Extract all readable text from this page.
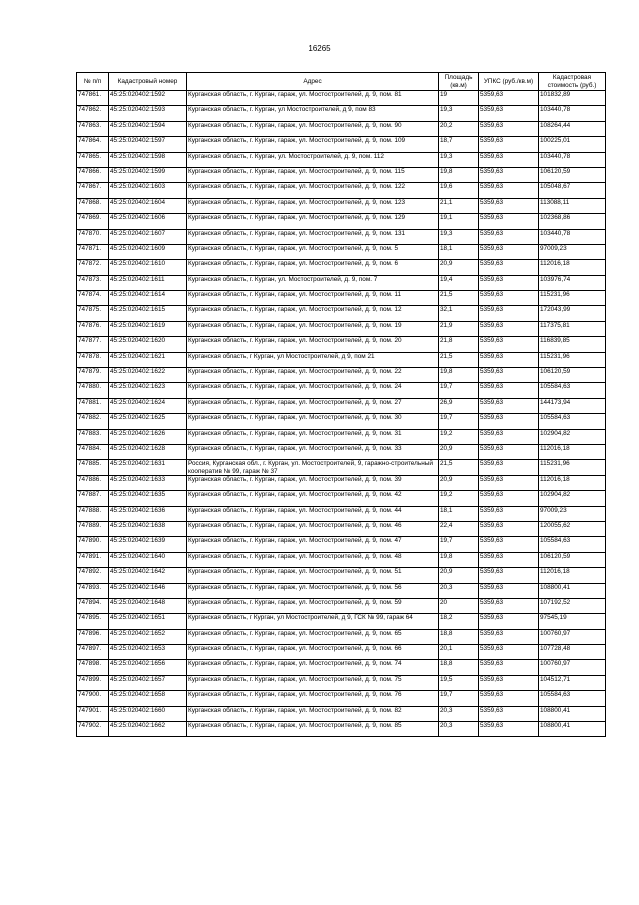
16265
№ п/п	Кадастровый номер	Адрес	Площадь (кв.м)	УПКС (руб./кв.м)	Кадастровая стоимость (руб.)
747861.	45:25:020402:1592	Курганская область, г. Курган, гараж, ул. Мостостроителей, д. 9, пом. 81	19	5359,63	101832,89
747862.	45:25:020402:1593	Курганская область, г. Курган, ул Мостостроителей, д 9, пом 83	19,3	5359,63	103440,78
747863.	45:25:020402:1594	Курганская область, г. Курган, гараж, ул. Мостостроителей, д. 9, пом. 90	20,2	5359,63	108264,44
747864.	45:25:020402:1597	Курганская область, г. Курган, гараж, ул. Мостостроителей, д. 9, пом. 109	18,7	5359,63	100225,01
747865.	45:25:020402:1598	Курганская область, г. Курган, ул. Мостостроителей, д. 9, пом. 112	19,3	5359,63	103440,78
747866.	45:25:020402:1599	Курганская область, г. Курган, гараж, ул. Мостостроителей, д. 9, пом. 115	19,8	5359,63	106120,59
747867.	45:25:020402:1603	Курганская область, г. Курган, гараж, ул. Мостостроителей, д. 9, пом. 122	19,6	5359,63	105048,67
747868.	45:25:020402:1604	Курганская область, г. Курган, гараж, ул. Мостостроителей, д. 9, пом. 123	21,1	5359,63	113088,11
747869.	45:25:020402:1606	Курганская область, г. Курган, гараж, ул. Мостостроителей, д. 9, пом. 129	19,1	5359,63	102368,86
747870.	45:25:020402:1607	Курганская область, г. Курган, гараж, ул. Мостостроителей, д. 9, пом. 131	19,3	5359,63	103440,78
747871.	45:25:020402:1609	Курганская область, г. Курган, гараж, ул. Мостостроителей, д. 9, пом. 5	18,1	5359,63	97009,23
747872.	45:25:020402:1610	Курганская область, г. Курган, гараж, ул. Мостостроителей, д. 9, пом. 6	20,9	5359,63	112016,18
747873.	45:25:020402:1611	Курганская область, г. Курган, ул. Мостостроителей, д. 9, пом. 7	19,4	5359,63	103976,74
747874.	45:25:020402:1614	Курганская область, г. Курган, гараж, ул. Мостостроителей, д. 9, пом. 11	21,5	5359,63	115231,96
747875.	45:25:020402:1615	Курганская область, г. Курган, гараж, ул. Мостостроителей, д. 9, пом. 12	32,1	5359,63	172043,99
747876.	45:25:020402:1619	Курганская область, г. Курган, гараж, ул. Мостостроителей, д. 9, пом. 19	21,9	5359,63	117375,81
747877.	45:25:020402:1620	Курганская область, г. Курган, гараж, ул. Мостостроителей, д. 9, пом. 20	21,8	5359,63	116839,85
747878.	45:25:020402:1621	Курганская область, г Курган, ул Мостостроителей, д 9, пом 21	21,5	5359,63	115231,96
747879.	45:25:020402:1622	Курганская область, г. Курган, гараж, ул. Мостостроителей, д. 9, пом. 22	19,8	5359,63	106120,59
747880.	45:25:020402:1623	Курганская область, г. Курган, гараж, ул. Мостостроителей, д. 9, пом. 24	19,7	5359,63	105584,63
747881.	45:25:020402:1624	Курганская область, г. Курган, гараж, ул. Мостостроителей, д. 9, пом. 27	26,9	5359,63	144173,94
747882.	45:25:020402:1625	Курганская область, г. Курган, гараж, ул. Мостостроителей, д. 9, пом. 30	19,7	5359,63	105584,63
747883.	45:25:020402:1626	Курганская область, г. Курган, гараж, ул. Мостостроителей, д. 9, пом. 31	19,2	5359,63	102904,82
747884.	45:25:020402:1628	Курганская область, г. Курган, гараж, ул. Мостостроителей, д. 9, пом. 33	20,9	5359,63	112016,18
747885.	45:25:020402:1631	Россия, Курганская обл., г. Курган, ул. Мостостроителей, 9, гаражно-строительный кооператив № 99, гараж № 37	21,5	5359,63	115231,96
747886.	45:25:020402:1633	Курганская область, г. Курган, гараж, ул. Мостостроителей, д. 9, пом. 39	20,9	5359,63	112016,18
747887.	45:25:020402:1635	Курганская область, г. Курган, гараж, ул. Мостостроителей, д. 9, пом. 42	19,2	5359,63	102904,82
747888.	45:25:020402:1636	Курганская область, г. Курган, гараж, ул. Мостостроителей, д. 9, пом. 44	18,1	5359,63	97009,23
747889.	45:25:020402:1638	Курганская область, г. Курган, гараж, ул. Мостостроителей, д. 9, пом. 46	22,4	5359,63	120055,62
747890.	45:25:020402:1639	Курганская область, г. Курган, гараж, ул. Мостостроителей, д. 9, пом. 47	19,7	5359,63	105584,63
747891.	45:25:020402:1640	Курганская область, г. Курган, гараж, ул. Мостостроителей, д. 9, пом. 48	19,8	5359,63	106120,59
747892.	45:25:020402:1642	Курганская область, г. Курган, гараж, ул. Мостостроителей, д. 9, пом. 51	20,9	5359,63	112016,18
747893.	45:25:020402:1646	Курганская область, г. Курган, гараж, ул. Мостостроителей, д. 9, пом. 56	20,3	5359,63	108800,41
747894.	45:25:020402:1648	Курганская область, г. Курган, гараж, ул. Мостостроителей, д. 9, пом. 59	20	5359,63	107192,52
747895.	45:25:020402:1651	Курганская область, г Курган, ул Мостостроителей, д 9, ГСК № 99, гараж 64	18,2	5359,63	97545,19
747896.	45:25:020402:1652	Курганская область, г. Курган, гараж, ул. Мостостроителей, д. 9, пом. 65	18,8	5359,63	100760,97
747897.	45:25:020402:1653	Курганская область, г. Курган, гараж, ул. Мостостроителей, д. 9, пом. 66	20,1	5359,63	107728,48
747898.	45:25:020402:1656	Курганская область, г. Курган, гараж, ул. Мостостроителей, д. 9, пом. 74	18,8	5359,63	100760,97
747899.	45:25:020402:1657	Курганская область, г. Курган, гараж, ул. Мостостроителей, д. 9, пом. 75	19,5	5359,63	104512,71
747900.	45:25:020402:1658	Курганская область, г. Курган, гараж, ул. Мостостроителей, д. 9, пом. 76	19,7	5359,63	105584,63
747901.	45:25:020402:1660	Курганская область, г. Курган, гараж, ул. Мостостроителей, д. 9, пом. 82	20,3	5359,63	108800,41
747902.	45:25:020402:1662	Курганская область, г. Курган, гараж, ул. Мостостроителей, д. 9, пом. 85	20,3	5359,63	108800,41
